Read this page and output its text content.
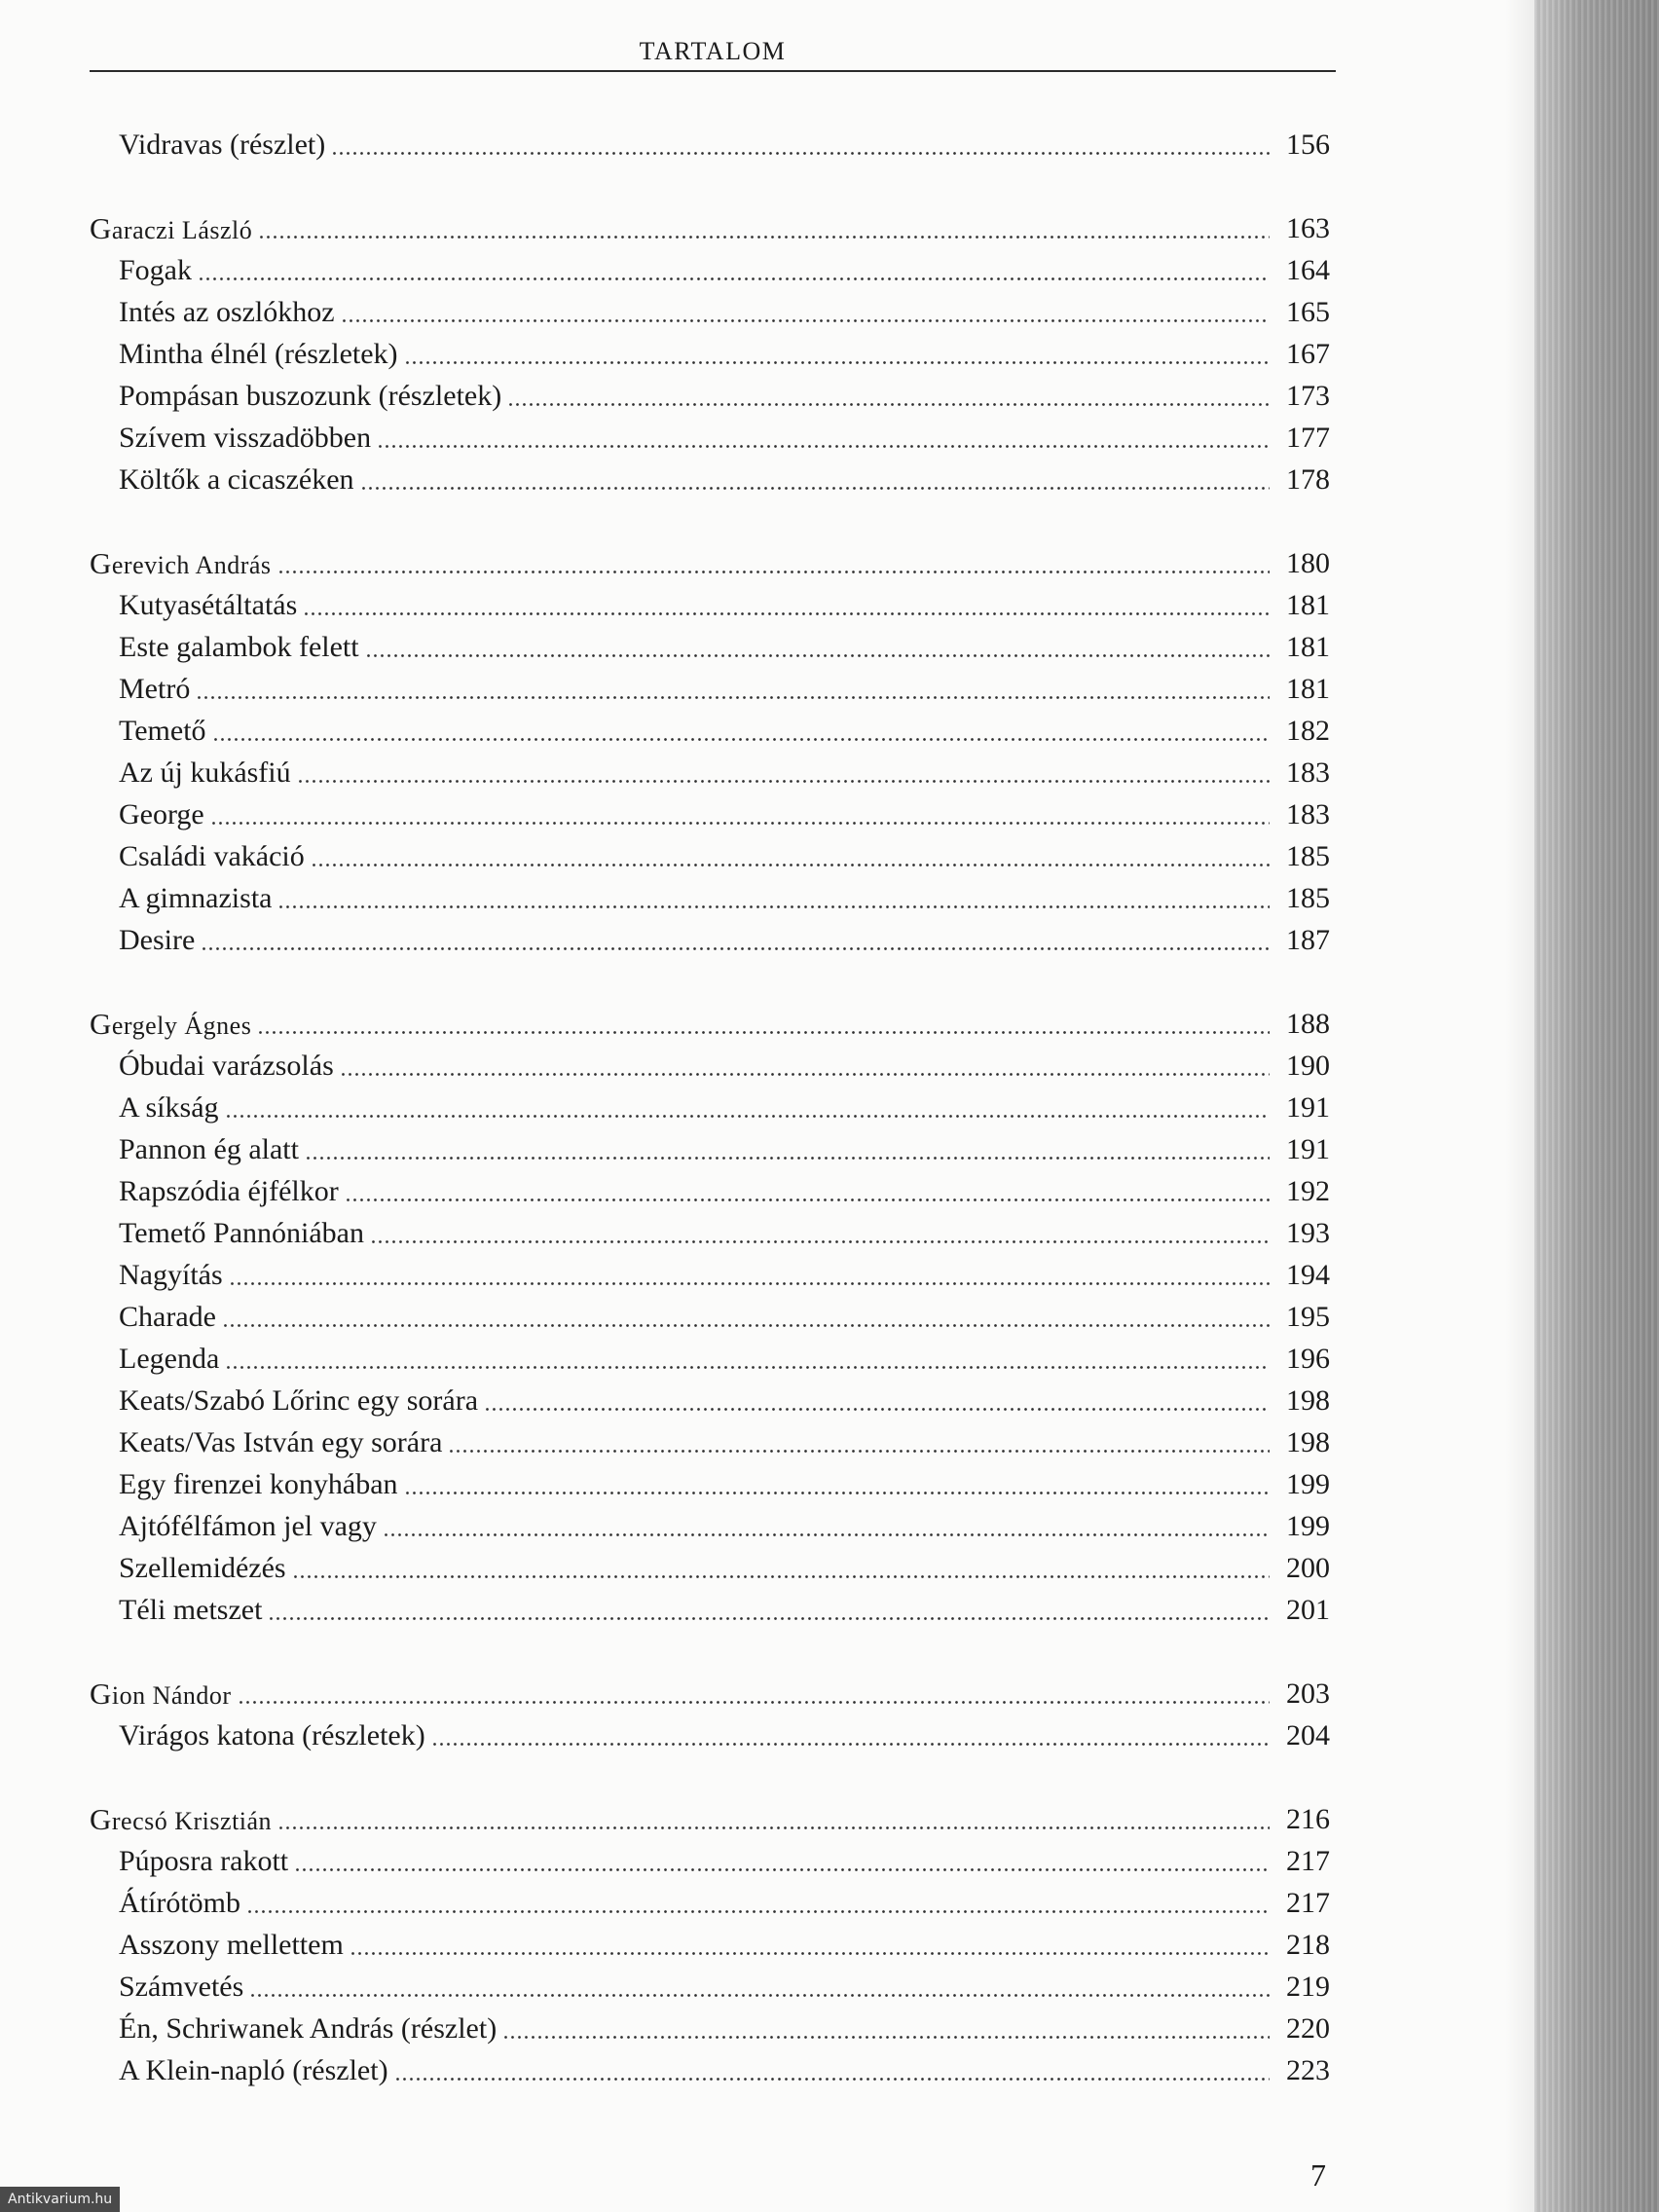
TARTALOM
Vidravas (részlet)	156
Garaczi László	163
Fogak	164
Intés az oszlókhoz	165
Mintha élnél (részletek)	167
Pompásan buszozunk (részletek)	173
Szívem visszadöbben	177
Költők a cicaszéken	178
Gerevich András	180
Kutyasétáltatás	181
Este galambok felett	181
Metró	181
Temető	182
Az új kukásfiú	183
George	183
Családi vakáció	185
A gimnazista	185
Desire	187
Gergely Ágnes	188
Óbudai varázsolás	190
A síkság	191
Pannon ég alatt	191
Rapszódia éjfélkor	192
Temető Pannóniában	193
Nagyítás	194
Charade	195
Legenda	196
Keats/Szabó Lőrinc egy sorára	198
Keats/Vas István egy sorára	198
Egy firenzei konyhában	199
Ajtófélfámon jel vagy	199
Szellemidézés	200
Téli metszet	201
Gion Nándor	203
Virágos katona (részletek)	204
Grecsó Krisztián	216
Púposra rakott	217
Átírótömb	217
Asszony mellettem	218
Számvetés	219
Én, Schriwanek András (részlet)	220
A Klein-napló (részlet)	223
7
Antikvarium.hu
